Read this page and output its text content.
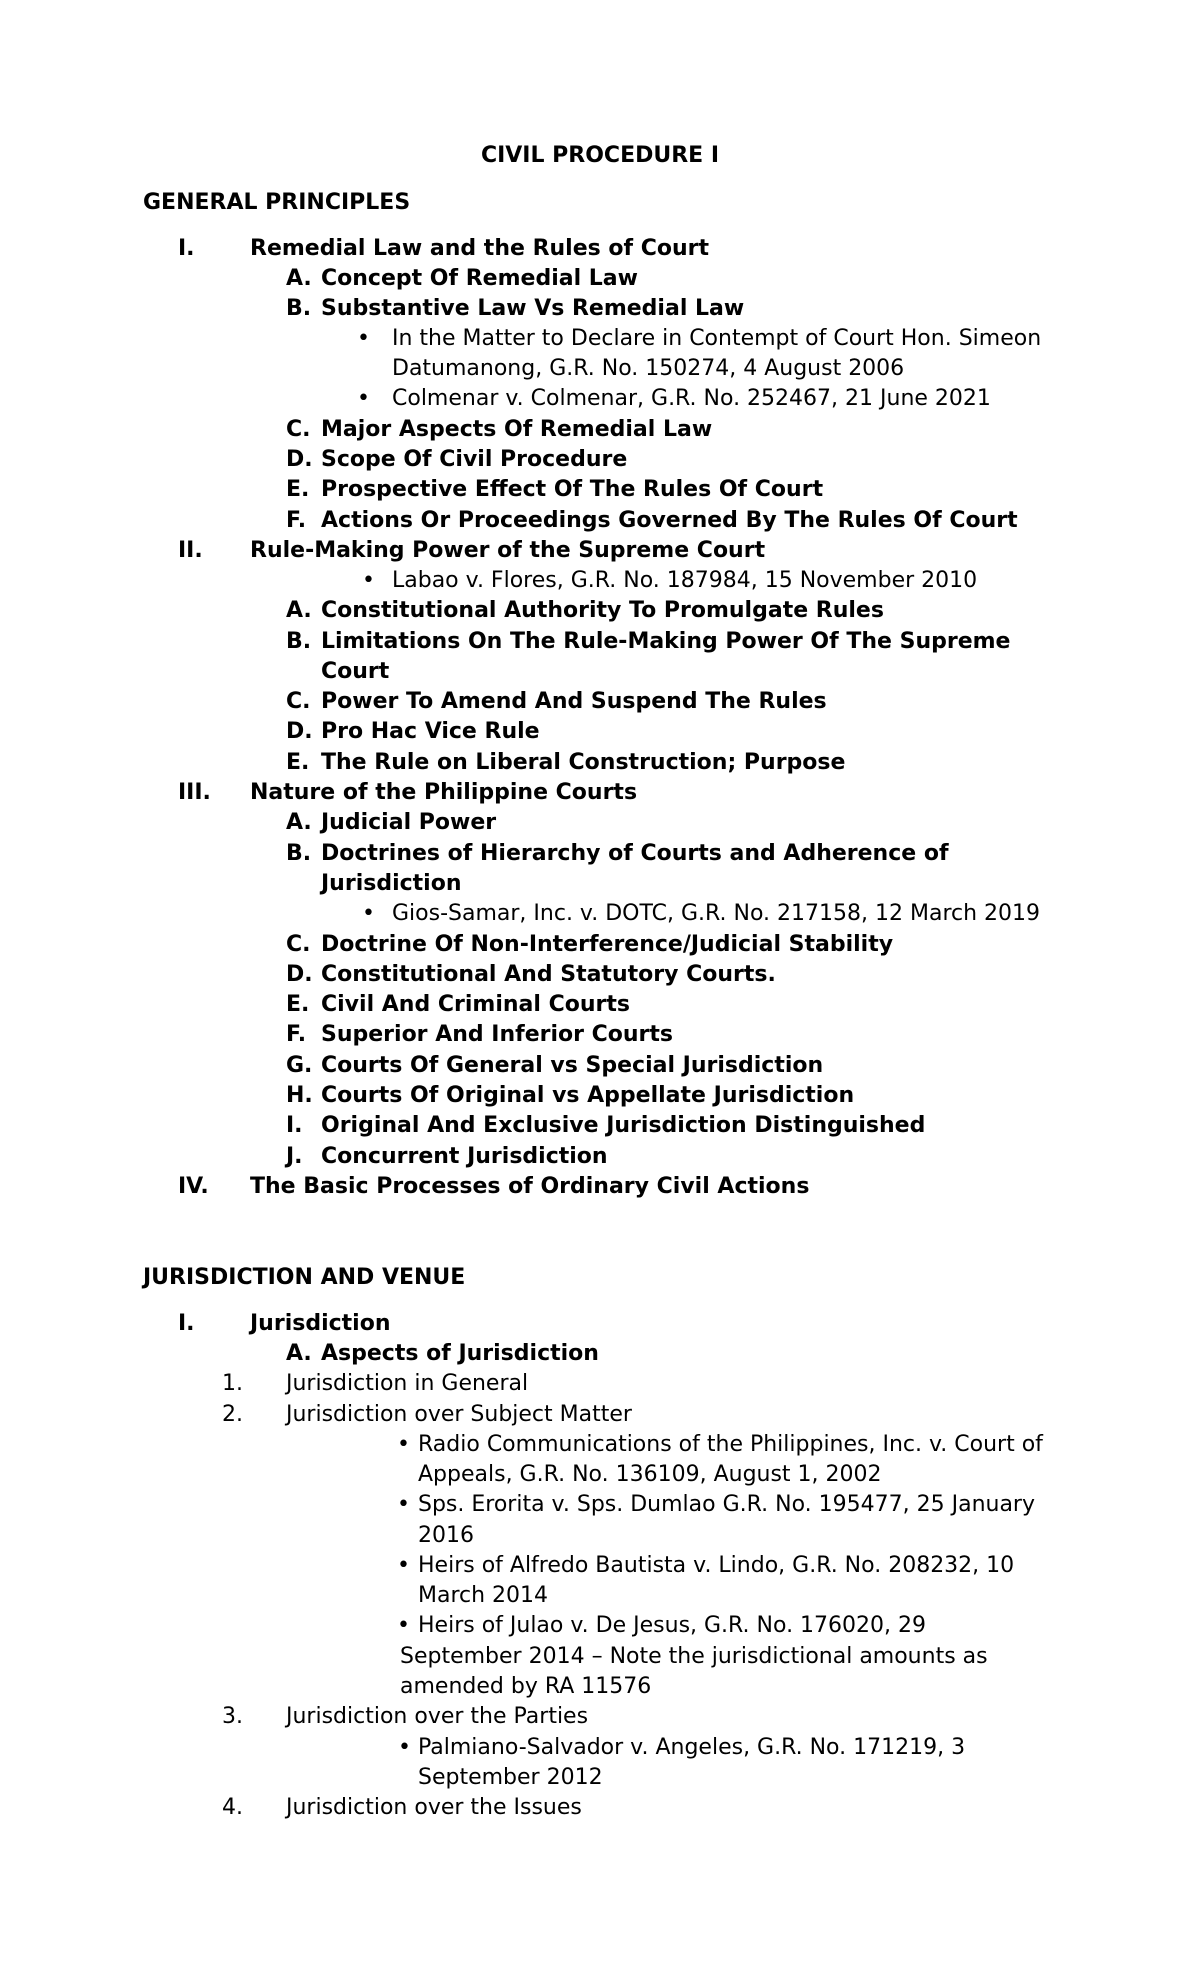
CIVIL PROCEDURE I
GENERAL PRINCIPLES
I.	Remedial Law and the Rules of Court
A. Concept Of Remedial Law
B. Substantive Law Vs Remedial Law
• In the Matter to Declare in Contempt of Court Hon. Simeon
Datumanong, G.R. No. 150274, 4 August 2006
• Colmenar v. Colmenar, G.R. No. 252467, 21 June 2021
C. Major Aspects Of Remedial Law
D. Scope Of Civil Procedure
E. Prospective Effect Of The Rules Of Court
F. Actions Or Proceedings Governed By The Rules Of Court
II. Rule-Making Power of the Supreme Court
• Labao v. Flores, G.R. No. 187984, 15 November 2010
A. Constitutional Authority To Promulgate Rules
B. Limitations On The Rule-Making Power Of The Supreme
Court
C. Power To Amend And Suspend The Rules
D. Pro Hac Vice Rule
E. The Rule on Liberal Construction; Purpose
III. Nature of the Philippine Courts
A. Judicial Power
B. Doctrines of Hierarchy of Courts and Adherence of
Jurisdiction
• Gios-Samar, Inc. v. DOTC, G.R. No. 217158, 12 March 2019
C. Doctrine Of Non-Interference/Judicial Stability
D. Constitutional And Statutory Courts.
E. Civil And Criminal Courts
F. Superior And Inferior Courts
G. Courts Of General vs Special Jurisdiction
H. Courts Of Original vs Appellate Jurisdiction
I. Original And Exclusive Jurisdiction Distinguished
J. Concurrent Jurisdiction
IV. The Basic Processes of Ordinary Civil Actions
JURISDICTION AND VENUE
I.	Jurisdiction
A. Aspects of Jurisdiction
1. Jurisdiction in General
2. Jurisdiction over Subject Matter
• Radio Communications of the Philippines, Inc. v. Court of
Appeals, G.R. No. 136109, August 1, 2002
• Sps. Erorita v. Sps. Dumlao G.R. No. 195477, 25 January
2016
• Heirs of Alfredo Bautista v. Lindo, G.R. No. 208232, 10
March 2014
• Heirs of Julao v. De Jesus, G.R. No. 176020, 29
September 2014 – Note the jurisdictional amounts as
amended by RA 11576
3. Jurisdiction over the Parties
• Palmiano-Salvador v. Angeles, G.R. No. 171219, 3
September 2012
4. Jurisdiction over the Issues
